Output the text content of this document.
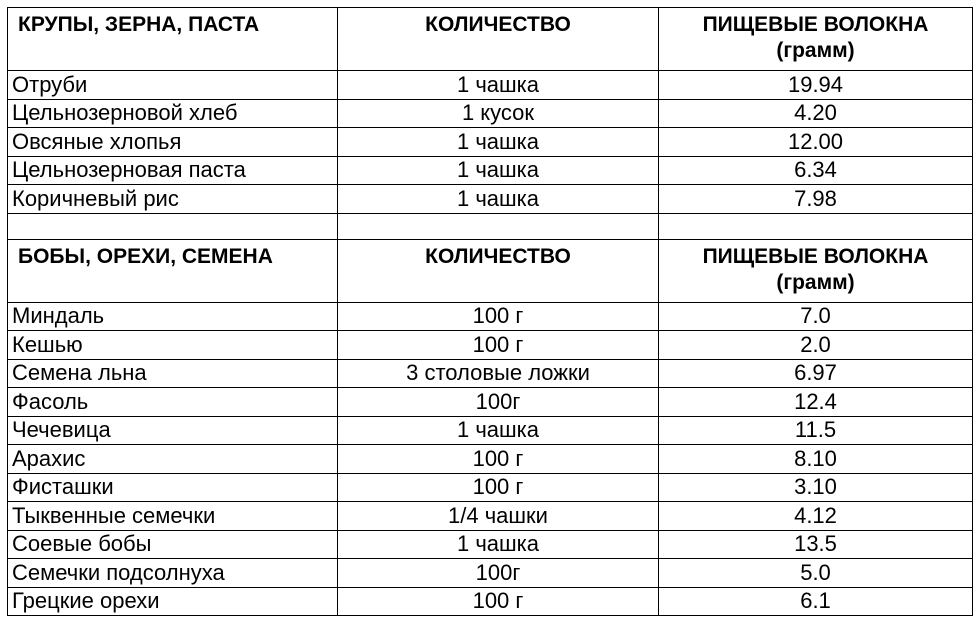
КРУПЫ, ЗЕРНА, ПАСТА	КОЛИЧЕСТВО	ПИЩЕВЫЕ ВОЛОКНА
(грамм)

Отруби	1 чашка	19.94
Цельнозерновой хлеб	1 кусок	4.20
Овсяные хлопья	1 чашка	12.00
Цельнозерновая паста	1 чашка	6.34
Коричневый рис	1 чашка	7.98

БОБЫ, ОРЕХИ, СЕМЕНА	КОЛИЧЕСТВО	ПИЩЕВЫЕ ВОЛОКНА
(грамм)

Миндаль	100 г	7.0
Кешью	100 г	2.0
Семена льна	3 столовые ложки	6.97
Фасоль	100г	12.4
Чечевица	1 чашка	11.5
Арахис	100 г	8.10
Фисташки	100 г	3.10
Тыквенные семечки	1/4 чашки	4.12
Соевые бобы	1 чашка	13.5
Семечки подсолнуха	100г	5.0
Грецкие орехи	100 г	6.1
